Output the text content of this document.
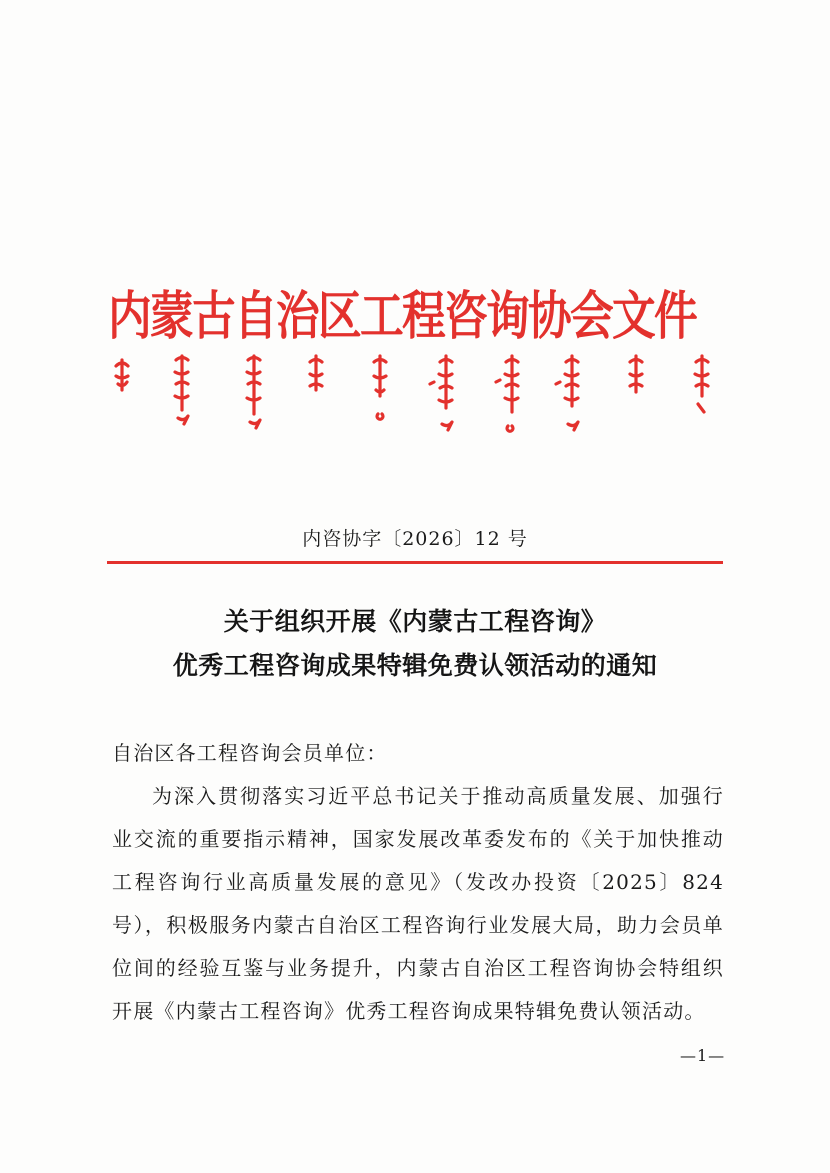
内蒙古自治区工程咨询协会文件
内咨协字〔2026〕12 号
关于组织开展《内蒙古工程咨询》
优秀工程咨询成果特辑免费认领活动的通知

自治区各工程咨询会员单位：

为深入贯彻落实习近平总书记关于推动高质量发展、加强行业交流的重要指示精神，国家发展改革委发布的《关于加快推动工程咨询行业高质量发展的意见》（发改办投资〔2025〕824 号），积极服务内蒙古自治区工程咨询行业发展大局，助力会员单位间的经验互鉴与业务提升，内蒙古自治区工程咨询协会特组织开展《内蒙古工程咨询》优秀工程咨询成果特辑免费认领活动。

—1—
